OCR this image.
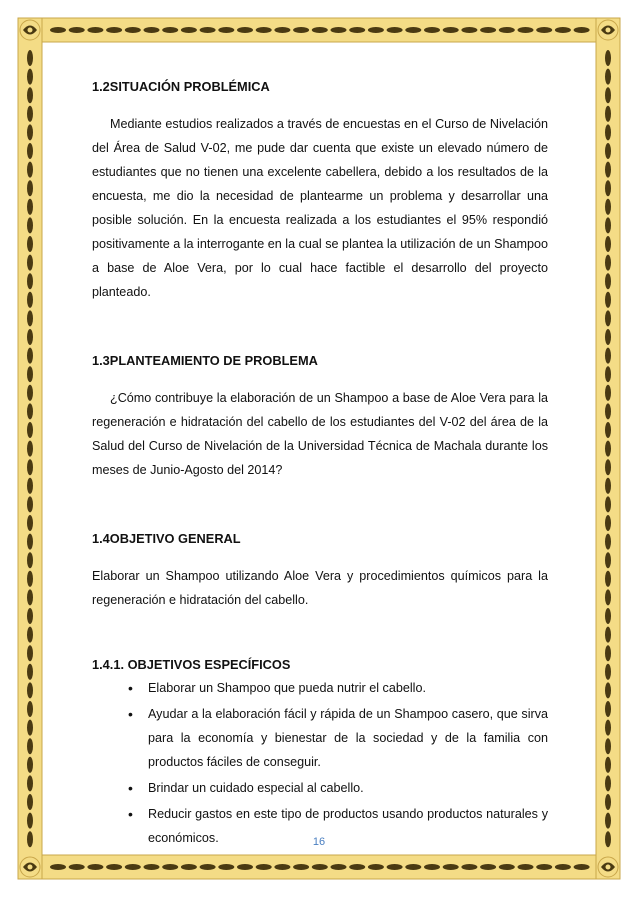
1.2SITUACIÓN PROBLÉMICA

Mediante estudios realizados a través de encuestas en el Curso de Nivelación del Área de Salud V-02, me pude dar cuenta que existe un elevado número de estudiantes que no tienen una excelente cabellera, debido a los resultados de la encuesta, me dio la necesidad de plantearme un problema y desarrollar una posible solución. En la encuesta realizada a los estudiantes el 95% respondió positivamente a la interrogante en la cual se plantea la utilización de un Shampoo a base de Aloe Vera, por lo cual hace factible el desarrollo del proyecto planteado.

1.3PLANTEAMIENTO DE PROBLEMA

¿Cómo contribuye la elaboración de un Shampoo a base de Aloe Vera para la regeneración e hidratación del cabello de los estudiantes del V-02 del área de la Salud del Curso de Nivelación de la Universidad Técnica de Machala durante los meses de Junio-Agosto del 2014?

1.4OBJETIVO GENERAL

Elaborar un Shampoo utilizando Aloe Vera y procedimientos químicos para la regeneración e hidratación del cabello.

1.4.1. OBJETIVOS ESPECÍFICOS

• Elaborar un Shampoo que pueda nutrir el cabello.
• Ayudar a la elaboración fácil y rápida de un Shampoo casero, que sirva para la economía y bienestar de la sociedad y de la familia con productos fáciles de conseguir.
• Brindar un cuidado especial al cabello.
• Reducir gastos en este tipo de productos usando productos naturales y económicos.	16
